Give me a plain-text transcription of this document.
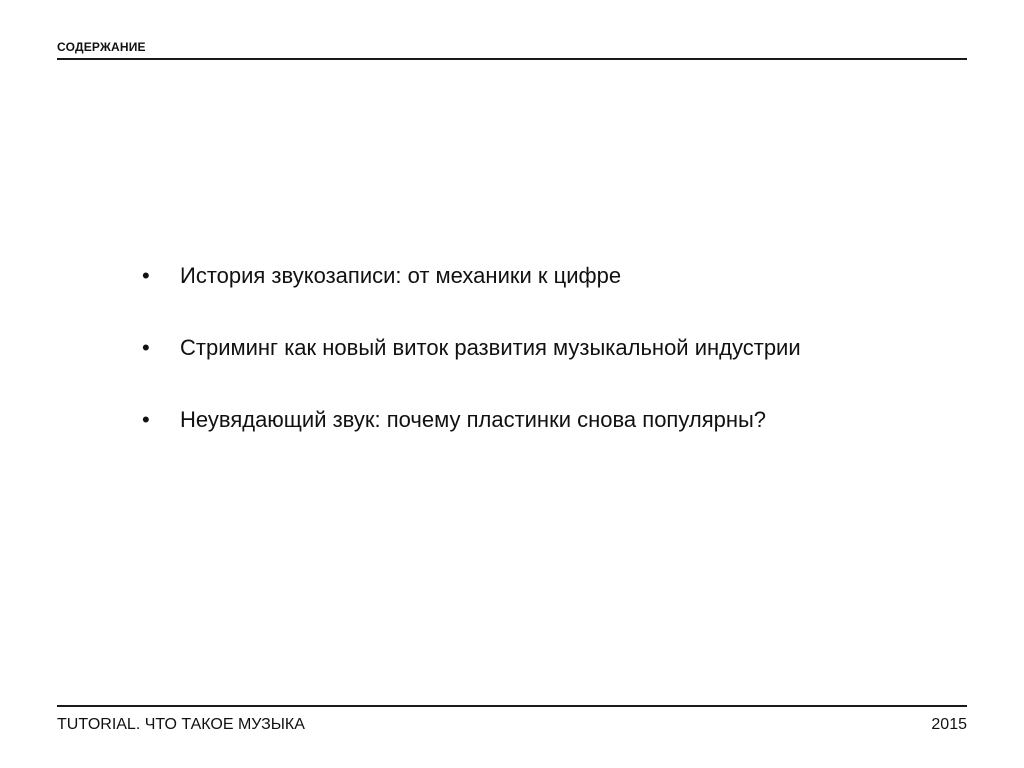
СОДЕРЖАНИЕ
•	История звукозаписи: от механики к цифре
•	Стриминг как новый виток развития музыкальной индустрии
•	Неувядающий звук: почему пластинки снова популярны?
TUTORIAL. ЧТО ТАКОЕ МУЗЫКА	2015
